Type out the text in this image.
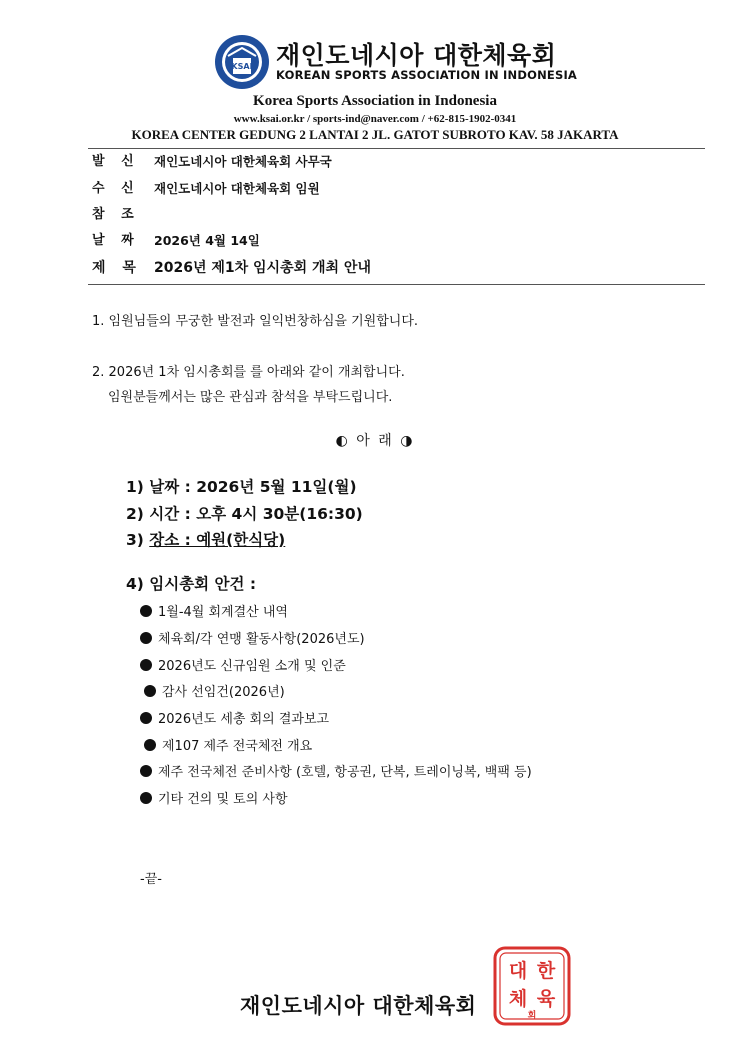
KSAI 재인도네시아 대한체육회
KOREAN SPORTS ASSOCIATION IN INDONESIA
Korea Sports Association in Indonesia
www.ksai.or.kr / sports-ind@naver.com / +62-815-1902-0341
KOREA CENTER GEDUNG 2 LANTAI 2 JL. GATOT SUBROTO KAV. 58 JAKARTA
발 신 재인도네시아 대한체육회 사무국
수 신 재인도네시아 대한체육회 임원
참 조
날 짜 2026년 4월 14일
제 목 2026년 제1차 임시총회 개최 안내
1. 임원님들의 무궁한 발전과 일익번창하심을 기원합니다.
2. 2026년 1차 임시총회를 를 아래와 같이 개최합니다.
임원분들께서는 많은 관심과 참석을 부탁드립니다.
◐ 아 래 ◑
1) 날짜 : 2026년 5월 11일(월)
2) 시간 : 오후 4시 30분(16:30)
3) 장소 : 예원(한식당)
4) 임시총회 안건 :
1월-4월 회계결산 내역
체육회/각 연맹 활동사항(2026년도)
2026년도 신규임원 소개 및 인준
감사 선임건(2026년)
2026년도 세총 회의 결과보고
제107 제주 전국체전 개요
제주 전국체전 준비사항 (호텔, 항공권, 단복, 트레이닝복, 백팩 등)
기타 건의 및 토의 사항
-끝-
재인도네시아 대한체육회
대 한
체 육
회
